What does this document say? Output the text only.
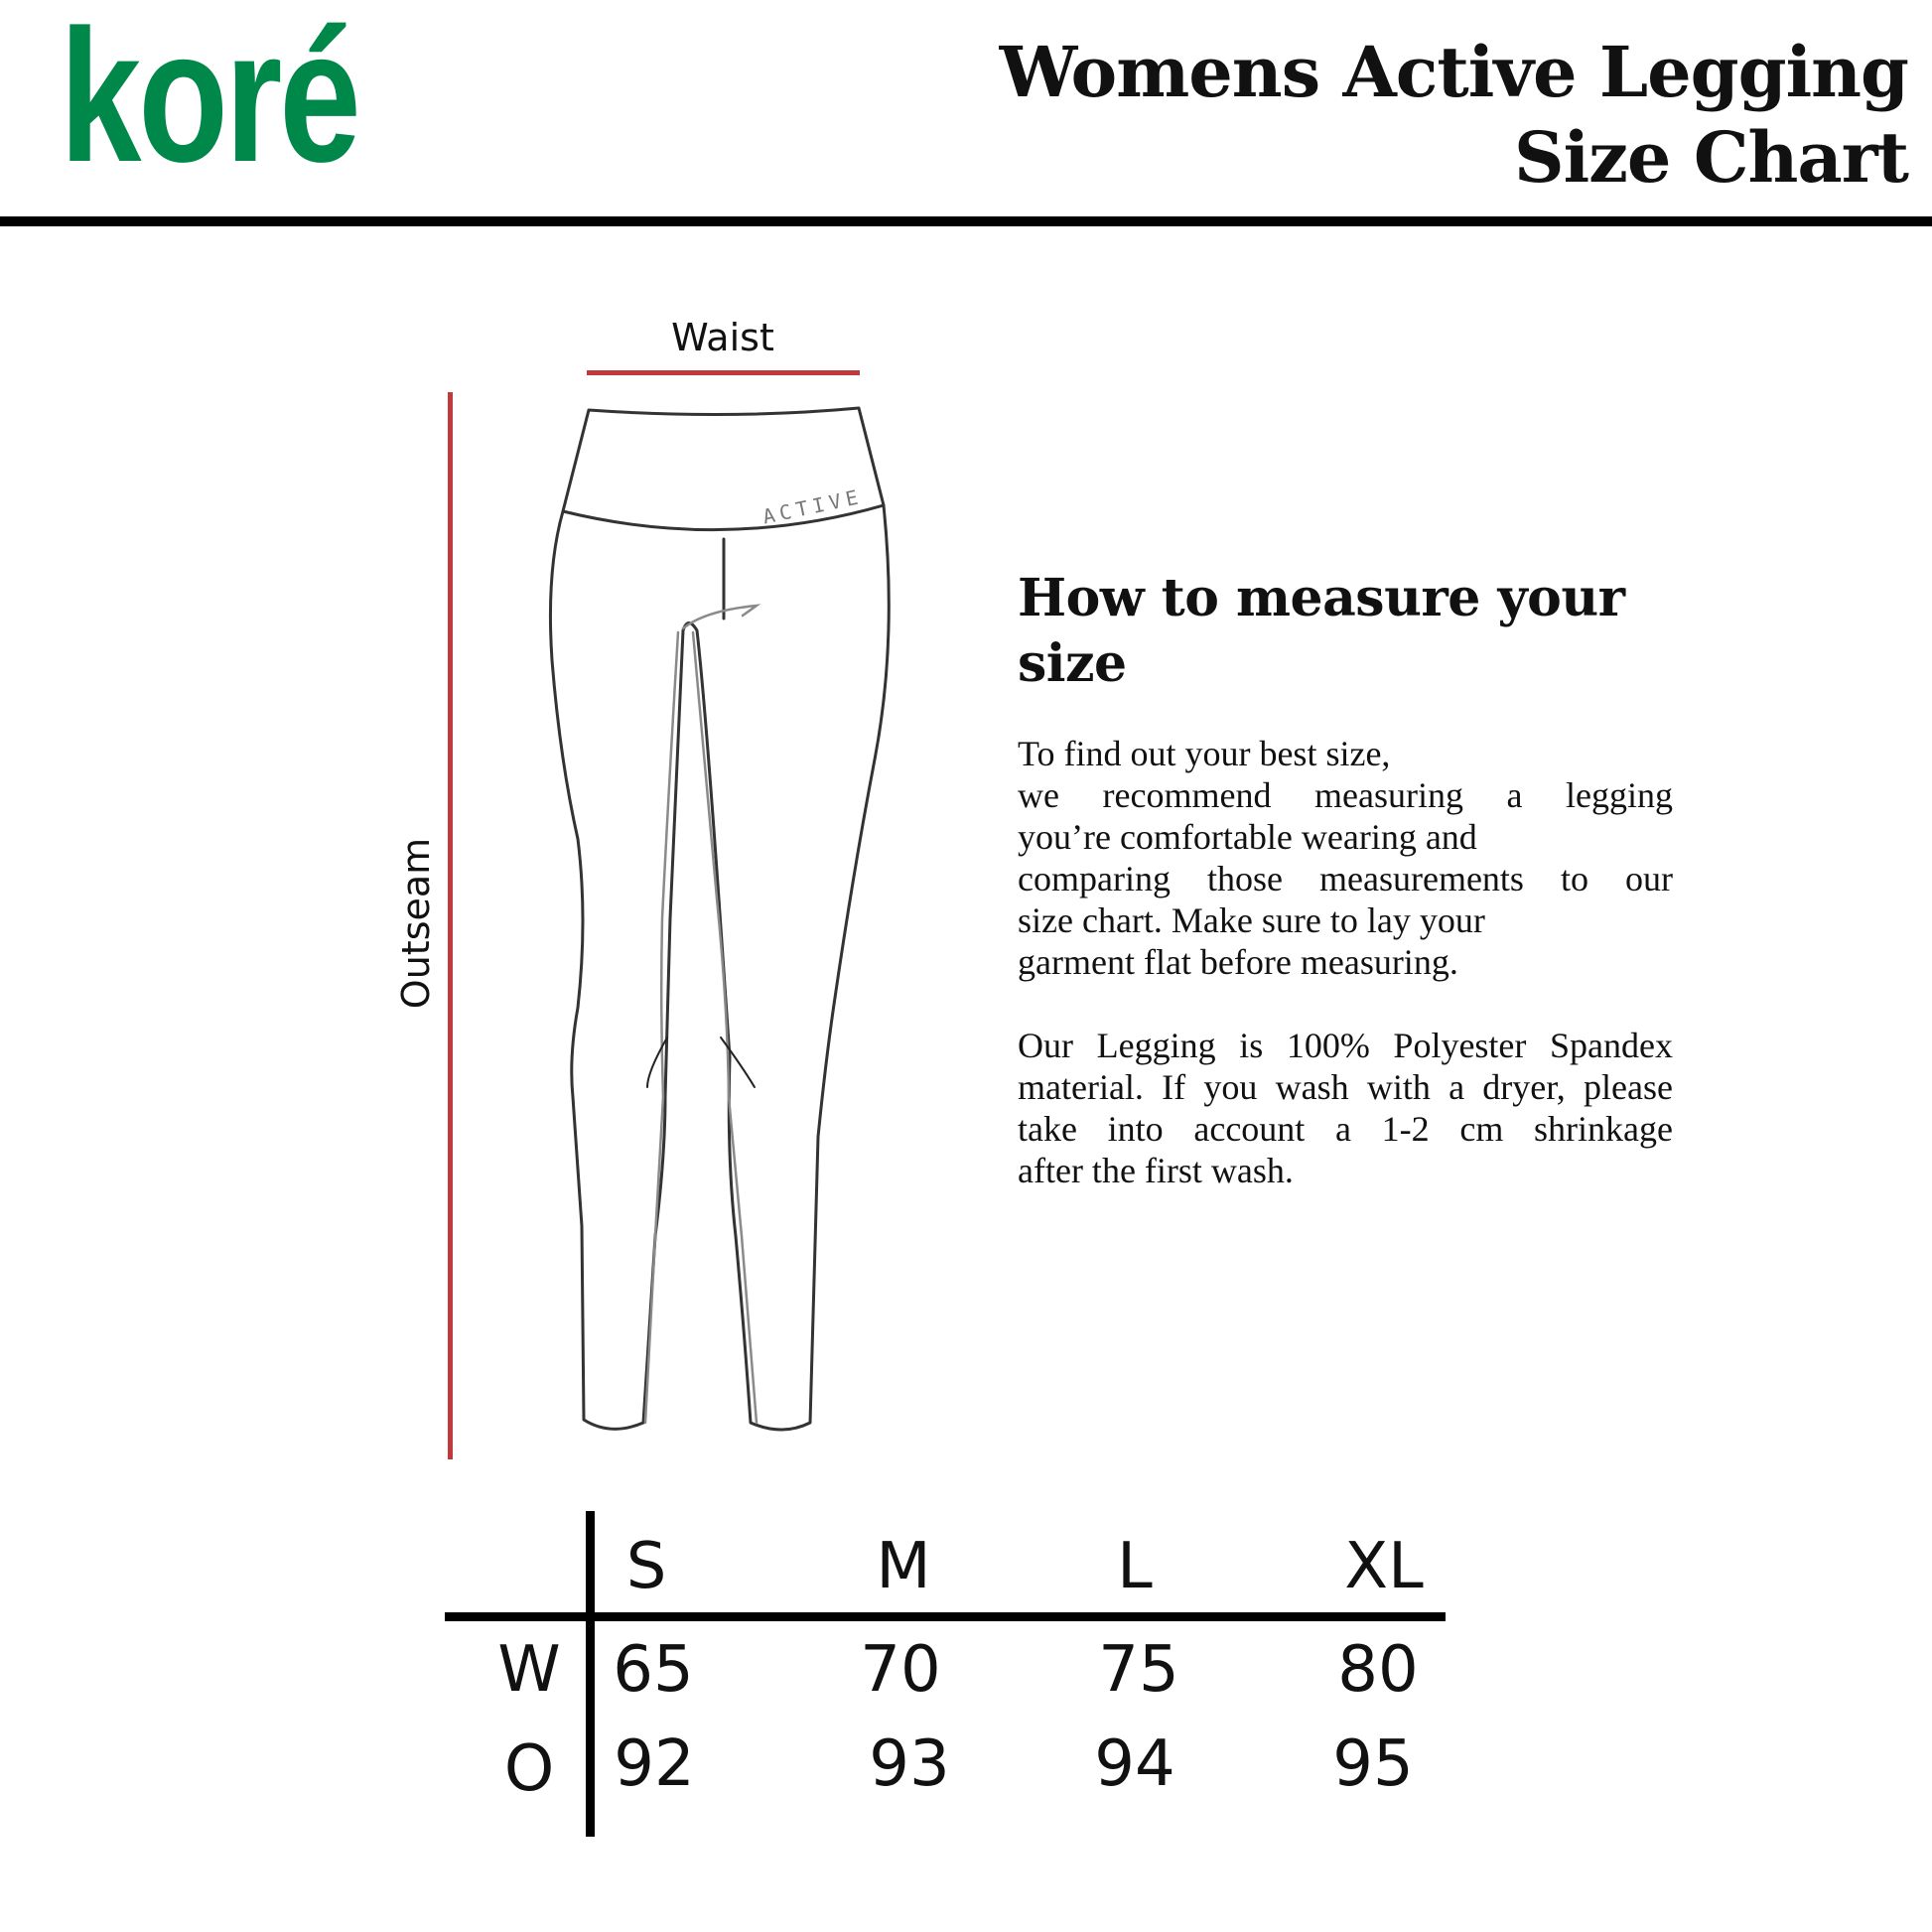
koré	Womens Active Legging
Size Chart
Waist
Outseam
ACTIVE
How to measure your size

To find out your best size,
we recommend measuring a legging
you’re comfortable wearing and
comparing those measurements to our
size chart. Make sure to lay your
garment flat before measuring.

Our Legging is 100% Polyester Spandex
material. If you wash with a dryer, please
take into account a 1-2 cm shrinkage
after the first wash.

S	M	L	XL
W 65	70	75	80
O 92	93	94	95
